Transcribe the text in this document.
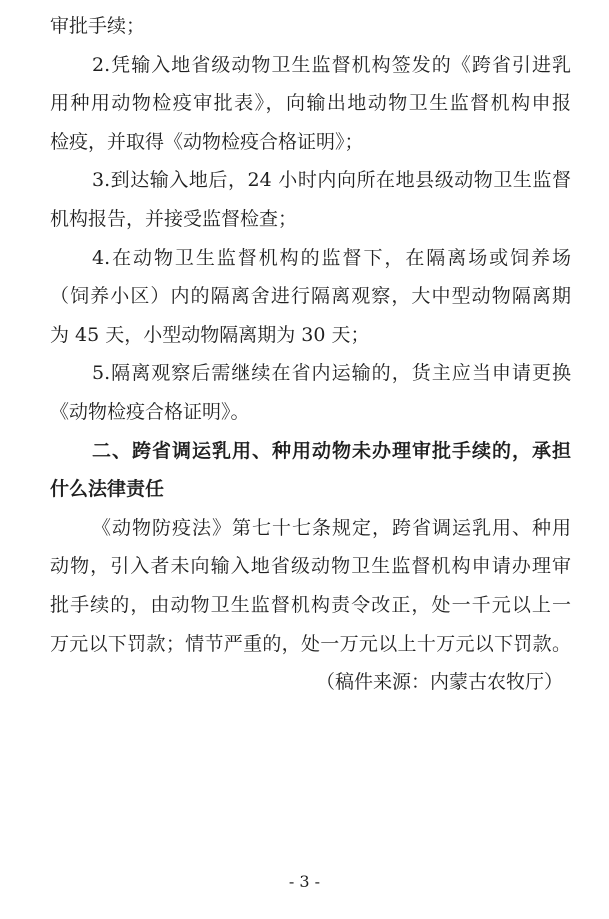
审批手续；
2.凭输入地省级动物卫生监督机构签发的《跨省引进乳
用种用动物检疫审批表》，向输出地动物卫生监督机构申报
检疫，并取得《动物检疫合格证明》；
3.到达输入地后，24 小时内向所在地县级动物卫生监督
机构报告，并接受监督检查；
4.在动物卫生监督机构的监督下，在隔离场或饲养场
（饲养小区）内的隔离舍进行隔离观察，大中型动物隔离期
为 45 天，小型动物隔离期为 30 天；
5.隔离观察后需继续在省内运输的，货主应当申请更换
《动物检疫合格证明》。
二、跨省调运乳用、种用动物未办理审批手续的，承担
什么法律责任
《动物防疫法》第七十七条规定，跨省调运乳用、种用
动物，引入者未向输入地省级动物卫生监督机构申请办理审
批手续的，由动物卫生监督机构责令改正，处一千元以上一
万元以下罚款；情节严重的，处一万元以上十万元以下罚款。
（稿件来源：内蒙古农牧厅）
- 3 -
